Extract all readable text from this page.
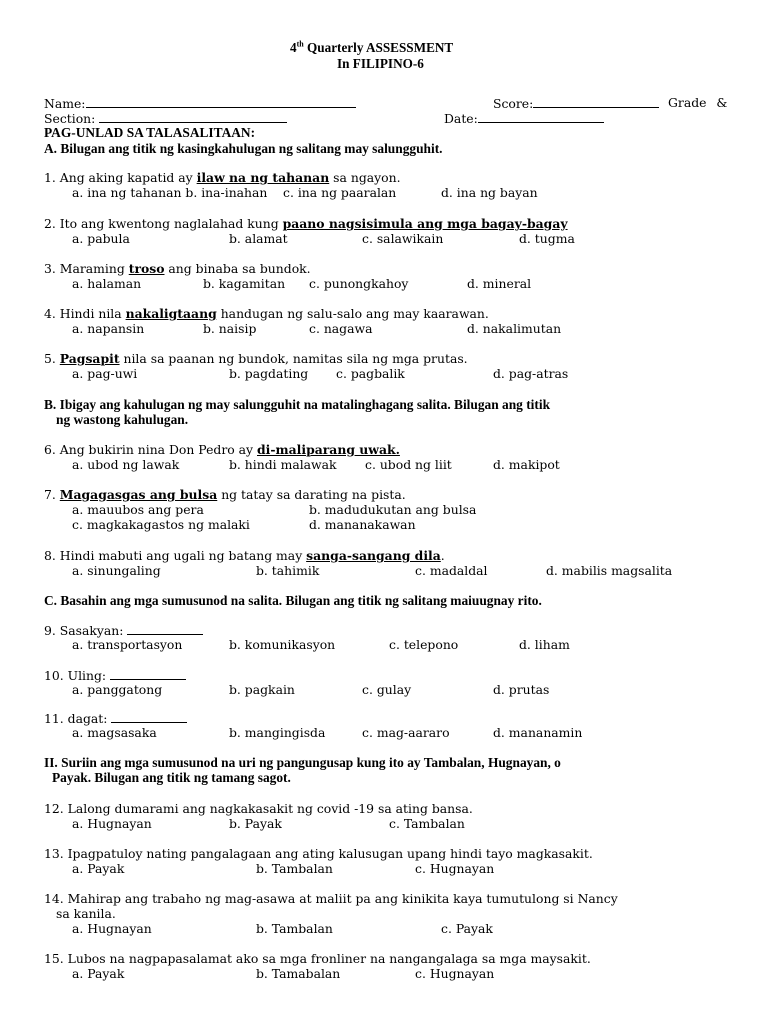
4th Quarterly ASSESSMENT
In FILIPINO-6
Name:	Score:	Grade &
Section:	Date:
PAG-UNLAD SA TALASALITAAN:
A. Bilugan ang titik ng kasingkahulugan ng salitang may salungguhit.
1. Ang aking kapatid ay ilaw na ng tahanan sa ngayon.
a. ina ng tahanan b. ina-inahan c. ina ng paaralan	d. ina ng bayan
2. Ito ang kwentong naglalahad kung paano nagsisimula ang mga bagay-bagay
a. pabula	b. alamat	c. salawikain	d. tugma
3. Maraming troso ang binaba sa bundok.
a. halaman	b. kagamitan c. punongkahoy	d. mineral
4. Hindi nila nakaligtaang handugan ng salu-salo ang may kaarawan.
a. napansin	b. naisip	c. nagawa	d. nakalimutan
5. Pagsapit nila sa paanan ng bundok, namitas sila ng mga prutas.
a. pag-uwi	b. pagdating c. pagbalik	d. pag-atras
B. Ibigay ang kahulugan ng may salungguhit na matalinghagang salita. Bilugan ang titik
ng wastong kahulugan.
6. Ang bukirin nina Don Pedro ay di-maliparang uwak.
a. ubod ng lawak	b. hindi malawak c. ubod ng liit	d. makipot
7. Magagasgas ang bulsa ng tatay sa darating na pista.
a. mauubos ang pera	b. madudukutan ang bulsa
c. magkakagastos ng malaki	d. mananakawan
8. Hindi mabuti ang ugali ng batang may sanga-sangang dila.
a. sinungaling	b. tahimik	c. madaldal	d. mabilis magsalita
C. Basahin ang mga sumusunod na salita. Bilugan ang titik ng salitang maiuugnay rito.
9. Sasakyan:
a. transportasyon	b. komunikasyon	c. telepono	d. liham
10. Uling:
a. panggatong	b. pagkain	c. gulay	d. prutas
11. dagat:
a. magsasaka	b. mangingisda	c. mag-aararo	d. mananamin
II. Suriin ang mga sumusunod na uri ng pangungusap kung ito ay Tambalan, Hugnayan, o
Payak. Bilugan ang titik ng tamang sagot.
12. Lalong dumarami ang nagkakasakit ng covid -19 sa ating bansa.
a. Hugnayan	b. Payak	c. Tambalan
13. Ipagpatuloy nating pangalagaan ang ating kalusugan upang hindi tayo magkasakit.
a. Payak	b. Tambalan	c. Hugnayan
14. Mahirap ang trabaho ng mag-asawa at maliit pa ang kinikita kaya tumutulong si Nancy
sa kanila.
a. Hugnayan	b. Tambalan	c. Payak
15. Lubos na nagpapasalamat ako sa mga fronliner na nangangalaga sa mga maysakit.
a. Payak	b. Tamabalan	c. Hugnayan
